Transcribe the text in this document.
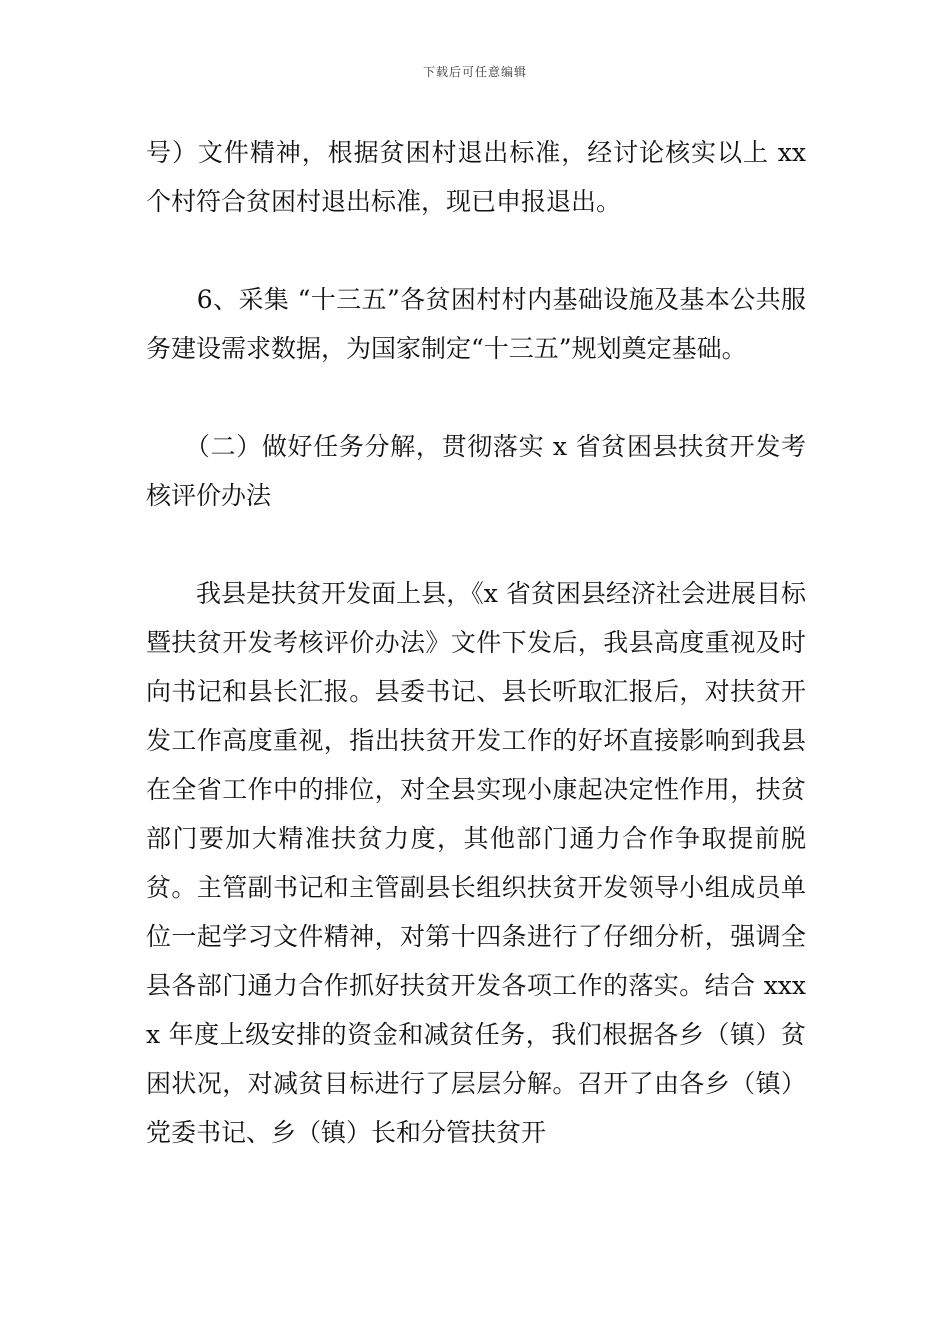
下载后可任意编辑

号）文件精神，根据贫困村退出标准，经讨论核实以上 xx 个村符合贫困村退出标准，现已申报退出。

　　6、采集 “十三五”各贫困村村内基础设施及基本公共服务建设需求数据，为国家制定“十三五”规划奠定基础。

　　（二）做好任务分解，贯彻落实 x 省贫困县扶贫开发考核评价办法

　　我县是扶贫开发面上县，《x 省贫困县经济社会进展目标暨扶贫开发考核评价办法》文件下发后，我县高度重视及时向书记和县长汇报。县委书记、县长听取汇报后，对扶贫开发工作高度重视，指出扶贫开发工作的好坏直接影响到我县在全省工作中的排位，对全县实现小康起决定性作用，扶贫部门要加大精准扶贫力度，其他部门通力合作争取提前脱贫。主管副书记和主管副县长组织扶贫开发领导小组成员单位一起学习文件精神，对第十四条进行了仔细分析，强调全县各部门通力合作抓好扶贫开发各项工作的落实。结合 xxxx 年度上级安排的资金和减贫任务，我们根据各乡（镇）贫困状况，对减贫目标进行了层层分解。召开了由各乡（镇）党委书记、乡（镇）长和分管扶贫开
